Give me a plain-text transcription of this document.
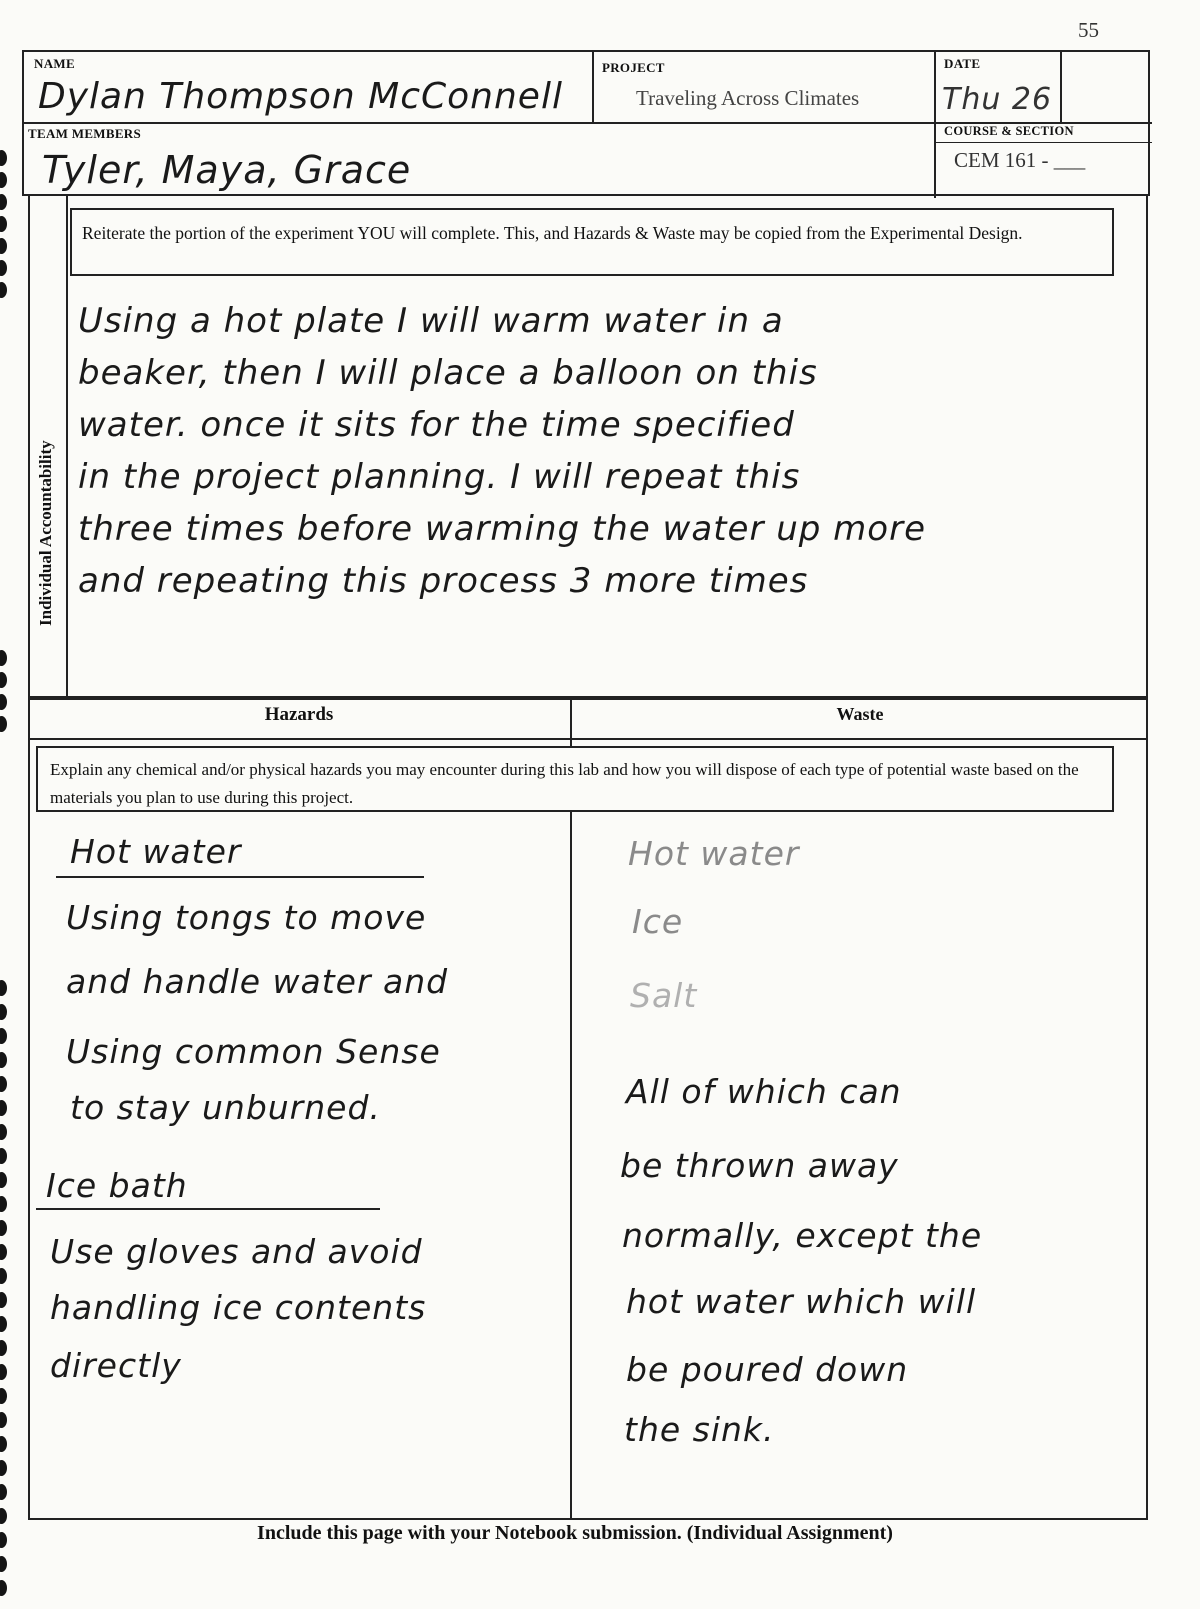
NAME
Dylan Thompson McConnell
PROJECT
Traveling Across Climates
DATE
Thu 26
TEAM MEMBERS
Tyler, Maya, Grace
COURSE & SECTION
CEM 161 - ___
55
Individual Accountability
Reiterate the portion of the experiment YOU will complete. This, and Hazards & Waste may be copied from the Experimental Design.
Using a hot plate I will warm water in a
beaker, then I will place a balloon on this
water. once it sits for the time specified
in the project planning. I will repeat this
three times before warming the water up more
and repeating this process 3 more times
Hazards	Waste
Explain any chemical and/or physical hazards you may encounter during this lab and how you will dispose of each type of potential waste based on the materials you plan to use during this project.
Hot water
Using tongs to move
and handle water and
Using common Sense
to stay unburned.
Ice bath
Use gloves and avoid
handling ice contents
directly
Hot water
Ice
Salt
All of which can
be thrown away
normally, except the
hot water which will
be poured down
the sink.
Include this page with your Notebook submission. (Individual Assignment)
